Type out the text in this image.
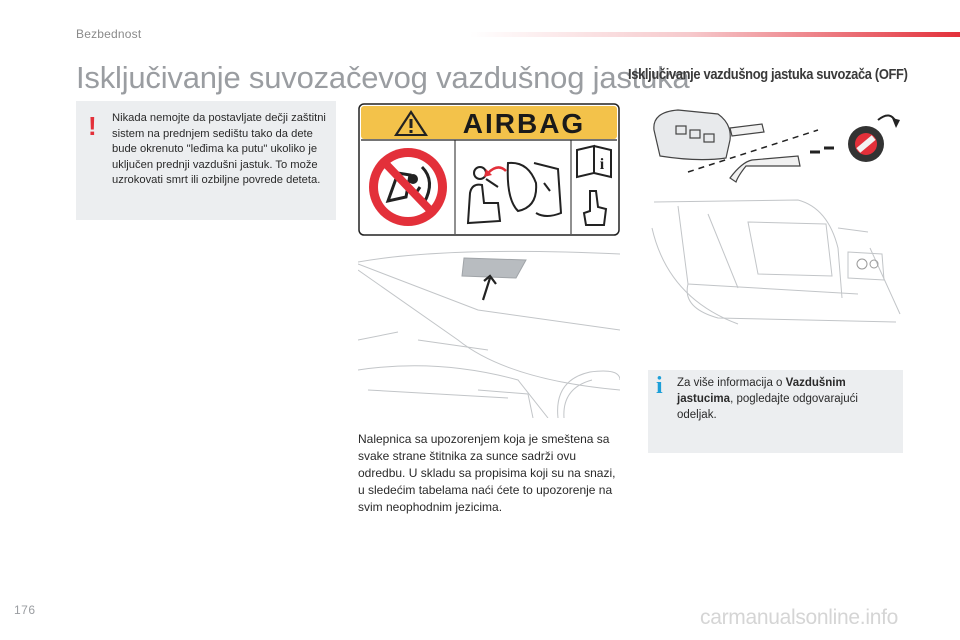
Bezbednost
Isključivanje suvozačevog vazdušnog jastuka
Isključivanje vazdušnog jastuka suvozača (OFF)
! Nikada nemojte da postavljate dečji zaštitni sistem na prednjem sedištu tako da dete bude okrenuto "leđima ka putu" ukoliko je uključen prednji vazdušni jastuk. To može uzrokovati smrt ili ozbiljne povrede deteta.

AIRBAG
i

Nalepnica sa upozorenjem koja je smeštena sa svake strane štitnika za sunce sadrži ovu odredbu. U skladu sa propisima koji su na snazi, u sledećim tabelama naći ćete to upozorenje na svim neophodnim jezicima.

i Za više informacija o Vazdušnim jastucima, pogledajte odgovarajući odeljak.

176	carmanualsonline.info
